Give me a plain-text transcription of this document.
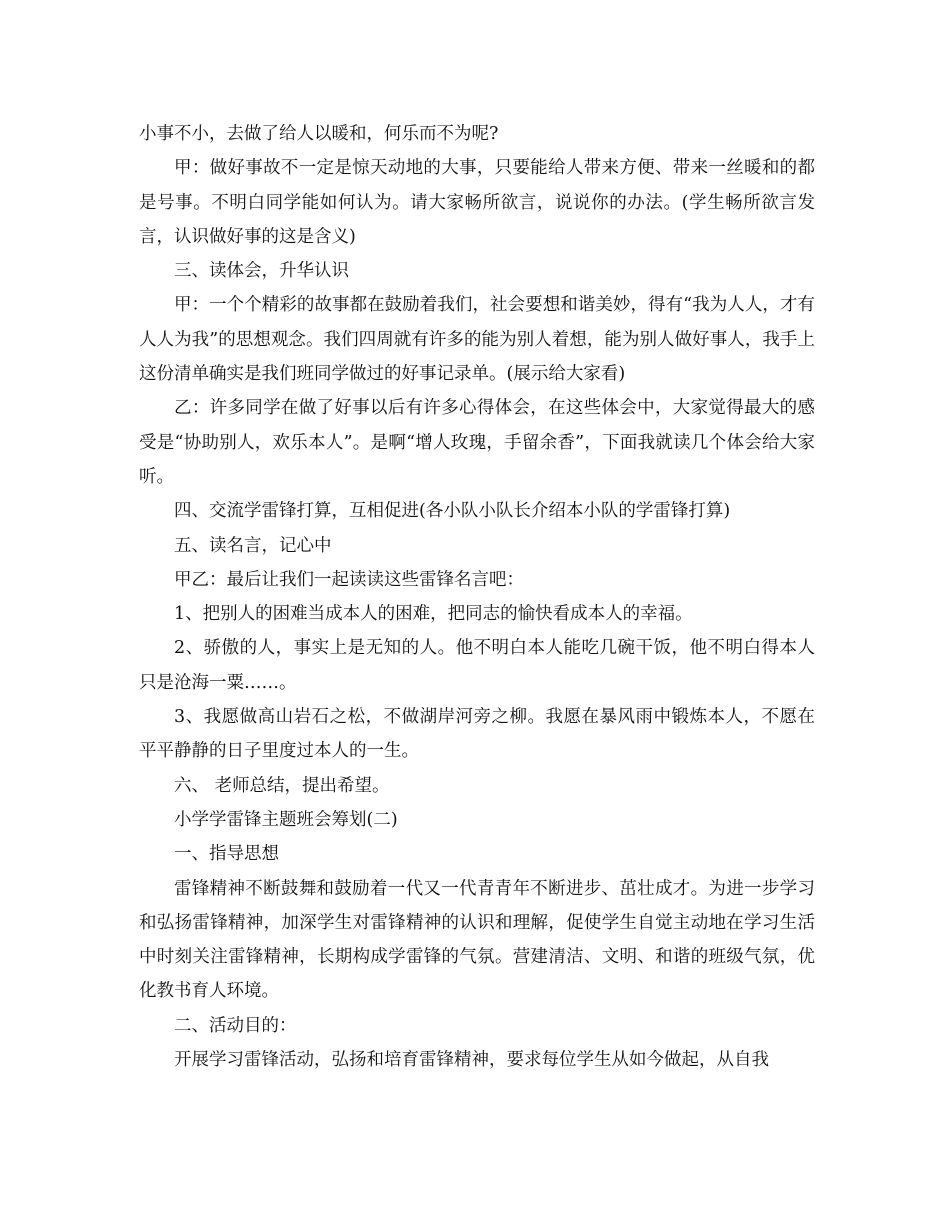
小事不小，去做了给人以暖和，何乐而不为呢?

甲：做好事故不一定是惊天动地的大事，只要能给人带来方便、带来一丝暖和的都是号事。不明白同学能如何认为。请大家畅所欲言，说说你的办法。(学生畅所欲言发言，认识做好事的这是含义)

三、读体会，升华认识

甲：一个个精彩的故事都在鼓励着我们，社会要想和谐美妙，得有“我为人人，才有人人为我”的思想观念。我们四周就有许多的能为别人着想，能为别人做好事人，我手上这份清单确实是我们班同学做过的好事记录单。(展示给大家看)

乙：许多同学在做了好事以后有许多心得体会，在这些体会中，大家觉得最大的感受是“协助别人，欢乐本人”。是啊“增人玫瑰，手留余香”，下面我就读几个体会给大家听。

四、交流学雷锋打算，互相促进(各小队小队长介绍本小队的学雷锋打算)

五、读名言，记心中

甲乙：最后让我们一起读读这些雷锋名言吧：

1、把别人的困难当成本人的困难，把同志的愉快看成本人的幸福。

2、骄傲的人，事实上是无知的人。他不明白本人能吃几碗干饭，他不明白得本人只是沧海一粟……。

3、我愿做高山岩石之松，不做湖岸河旁之柳。我愿在暴风雨中锻炼本人，不愿在平平静静的日子里度过本人的一生。

六、 老师总结，提出希望。

小学学雷锋主题班会筹划(二)

一、指导思想

雷锋精神不断鼓舞和鼓励着一代又一代青青年不断进步、茁壮成才。为进一步学习和弘扬雷锋精神，加深学生对雷锋精神的认识和理解，促使学生自觉主动地在学习生活中时刻关注雷锋精神，长期构成学雷锋的气氛。营建清洁、文明、和谐的班级气氛，优化教书育人环境。

二、活动目的：

开展学习雷锋活动，弘扬和培育雷锋精神，要求每位学生从如今做起，从自我
